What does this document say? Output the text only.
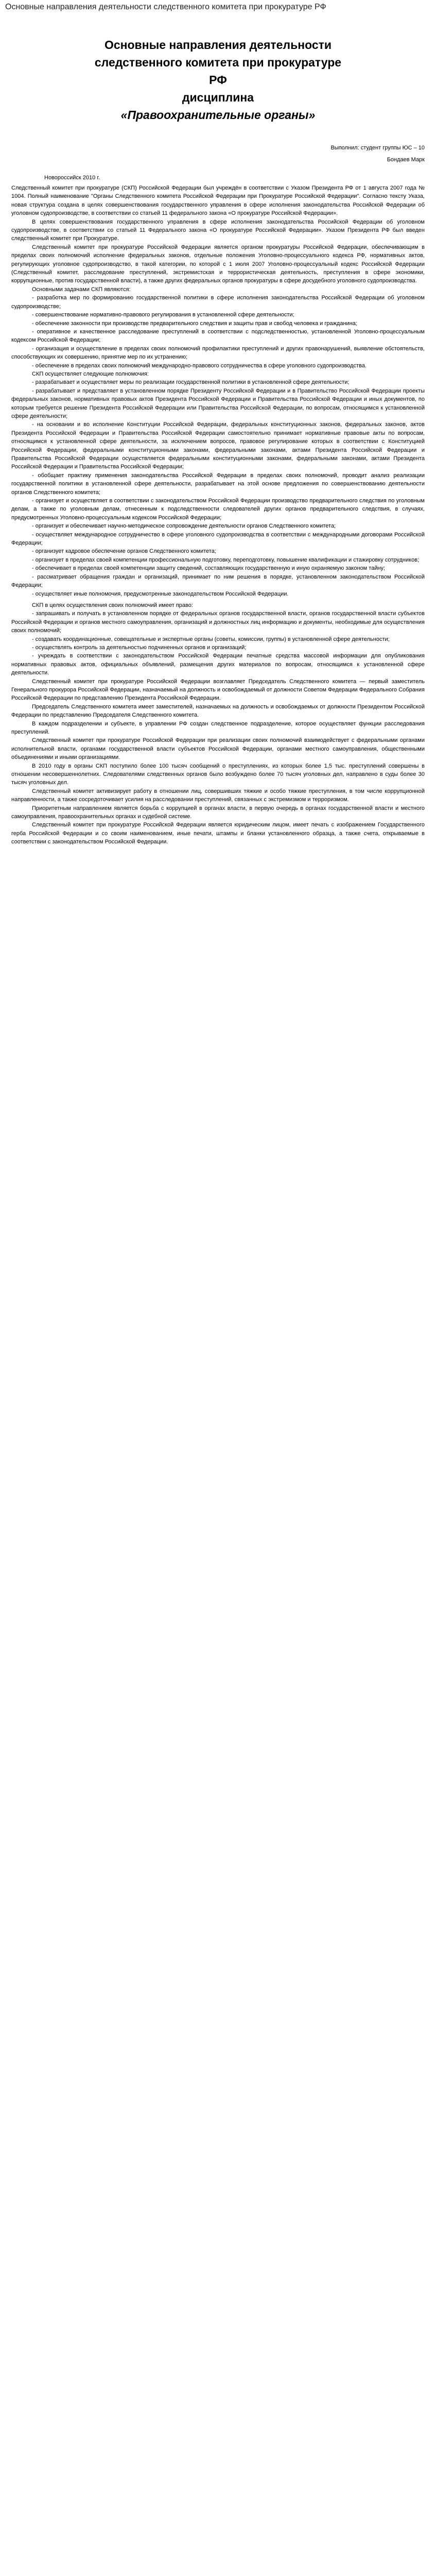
Основные направления деятельности следственного комитета при прокуратуре РФ
Основные направления деятельности
следственного комитета при прокуратуре
РФ
дисциплина
«Правоохранительные органы»
Выполнил: студент группы ЮС – 10
Бондаев Марк
Новороссийск 2010 г.

Следственный комитет при прокуратуре (СКП) Российской Федерации был учреждён в соответствии с Указом Президента РФ от 1 августа 2007 года № 1004. Полный наименование "Органы Следственного комитета Российской Федерации при Прокуратуре Российской Федерации". Согласно тексту Указа, новая структура создана в целях совершенствования государственного управления в сфере исполнения законодательства Российской Федерации об уголовном судопроизводстве, в соответствии со статьей 11 федерального закона «О прокуратуре Российской Федерации».

В целях совершенствования государственного управления в сфере исполнения законодательства Российской Федерации об уголовном судопроизводстве, в соответствии со статьей 11 Федерального закона «О прокуратуре Российской Федерации». Указом Президента РФ был введен следственный комитет при Прокуратуре.

Следственный комитет при прокуратуре Российской Федерации является органом прокуратуры Российской Федерации, обеспечивающим в пределах своих полномочий исполнение федеральных законов, отдельные положения Уголовно-процессуального кодекса РФ, нормативных актов, регулирующих уголовное судопроизводство, в такой категории, по которой с 1 июля 2007 Уголовно-процессуальный кодекс Российской Федерации (Следственный комитет, расследование преступлений, экстремистская и террористическая деятельность, преступления в сфере экономики, коррупционные, против государственной власти), а также других федеральных органов прокуратуры в сфере досудебного уголовного судопроизводства.

Основными задачами СКП являются:

- разработка мер по формированию государственной политики в сфере исполнения законодательства Российской Федерации об уголовном судопроизводстве;

- совершенствование нормативно-правового регулирования в установленной сфере деятельности;

- обеспечение законности при производстве предварительного следствия и защиты прав и свобод человека и гражданина;

- оперативное и качественное расследование преступлений в соответствии с подследственностью, установленной Уголовно-процессуальным кодексом Российской Федерации;

- организация и осуществление в пределах своих полномочий профилактики преступлений и других правонарушений, выявление обстоятельств, способствующих их совершению, принятие мер по их устранению;

- обеспечение в пределах своих полномочий международно-правового сотрудничества в сфере уголовного судопроизводства.

СКП осуществляет следующие полномочия:

- разрабатывает и осуществляет меры по реализации государственной политики в установленной сфере деятельности;

- разрабатывает и представляет в установленном порядке Президенту Российской Федерации и в Правительство Российской Федерации проекты федеральных законов, нормативных правовых актов Президента Российской Федерации и Правительства Российской Федерации и иных документов, по которым требуется решение Президента Российской Федерации или Правительства Российской Федерации, по вопросам, относящимся к установленной сфере деятельности;

- на основании и во исполнение Конституции Российской Федерации, федеральных конституционных законов, федеральных законов, актов Президента Российской Федерации и Правительства Российской Федерации самостоятельно принимает нормативные правовые акты по вопросам, относящимся к установленной сфере деятельности, за исключением вопросов, правовое регулирование которых в соответствии с Конституцией Российской Федерации, федеральными конституционными законами, федеральными законами, актами Президента Российской Федерации и Правительства Российской Федерации осуществляется федеральными конституционными законами, федеральными законами, актами Президента Российской Федерации и Правительства Российской Федерации;

- обобщает практику применения законодательства Российской Федерации в пределах своих полномочий, проводит анализ реализации государственной политики в установленной сфере деятельности, разрабатывает на этой основе предложения по совершенствованию деятельности органов Следственного комитета;

- организует и осуществляет в соответствии с законодательством Российской Федерации производство предварительного следствия по уголовным делам, а также по уголовным делам, отнесенным к подследственности следователей других органов предварительного следствия, в случаях, предусмотренных Уголовно-процессуальным кодексом Российской Федерации;

- организует и обеспечивает научно-методическое сопровождение деятельности органов Следственного комитета;

- осуществляет международное сотрудничество в сфере уголовного судопроизводства в соответствии с международными договорами Российской Федерации;

- организует кадровое обеспечение органов Следственного комитета;

- организует в пределах своей компетенции профессиональную подготовку, переподготовку, повышение квалификации и стажировку сотрудников;

- обеспечивает в пределах своей компетенции защиту сведений, составляющих государственную и иную охраняемую законом тайну;

- рассматривает обращения граждан и организаций, принимает по ним решения в порядке, установленном законодательством Российской Федерации;

- осуществляет иные полномочия, предусмотренные законодательством Российской Федерации.

СКП в целях осуществления своих полномочий имеет право:

- запрашивать и получать в установленном порядке от федеральных органов государственной власти, органов государственной власти субъектов Российской Федерации и органов местного самоуправления, организаций и должностных лиц информацию и документы, необходимые для осуществления своих полномочий;

- создавать координационные, совещательные и экспертные органы (советы, комиссии, группы) в установленной сфере деятельности;

- осуществлять контроль за деятельностью подчиненных органов и организаций;

- учреждать в соответствии с законодательством Российской Федерации печатные средства массовой информации для опубликования нормативных правовых актов, официальных объявлений, размещения других материалов по вопросам, относящимся к установленной сфере деятельности.

Следственный комитет при прокуратуре Российской Федерации возглавляет Председатель Следственного комитета — первый заместитель Генерального прокурора Российской Федерации, назначаемый на должность и освобождаемый от должности Советом Федерации Федерального Собрания Российской Федерации по представлению Президента Российской Федерации.

Председатель Следственного комитета имеет заместителей, назначаемых на должность и освобождаемых от должности Президентом Российской Федерации по представлению Председателя Следственного комитета.

В каждом подразделении и субъекте, в управлении РФ создан следственное подразделение, которое осуществляет функции расследования преступлений.

Следственный комитет при прокуратуре Российской Федерации при реализации своих полномочий взаимодействует с федеральными органами исполнительной власти, органами государственной власти субъектов Российской Федерации, органами местного самоуправления, общественными объединениями и иными организациями.

В 2010 году в органы СКП поступило более 100 тысяч сообщений о преступлениях, из которых более 1,5 тыс. преступлений совершены в отношении несовершеннолетних. Следователями следственных органов было возбуждено более 70 тысяч уголовных дел, направлено в суды более 30 тысяч уголовных дел.

Следственный комитет активизирует работу в отношении лиц, совершивших тяжкие и особо тяжкие преступления, в том числе коррупционной направленности, а также сосредоточивает усилия на расследовании преступлений, связанных с экстремизмом и терроризмом.

Приоритетным направлением является борьба с коррупцией в органах власти, в первую очередь в органах государственной власти и местного самоуправления, правоохранительных органах и судебной системе.

Следственный комитет при прокуратуре Российской Федерации является юридическим лицом, имеет печать с изображением Государственного герба Российской Федерации и со своим наименованием, иные печати, штампы и бланки установленного образца, а также счета, открываемые в соответствии с законодательством Российской Федерации.
